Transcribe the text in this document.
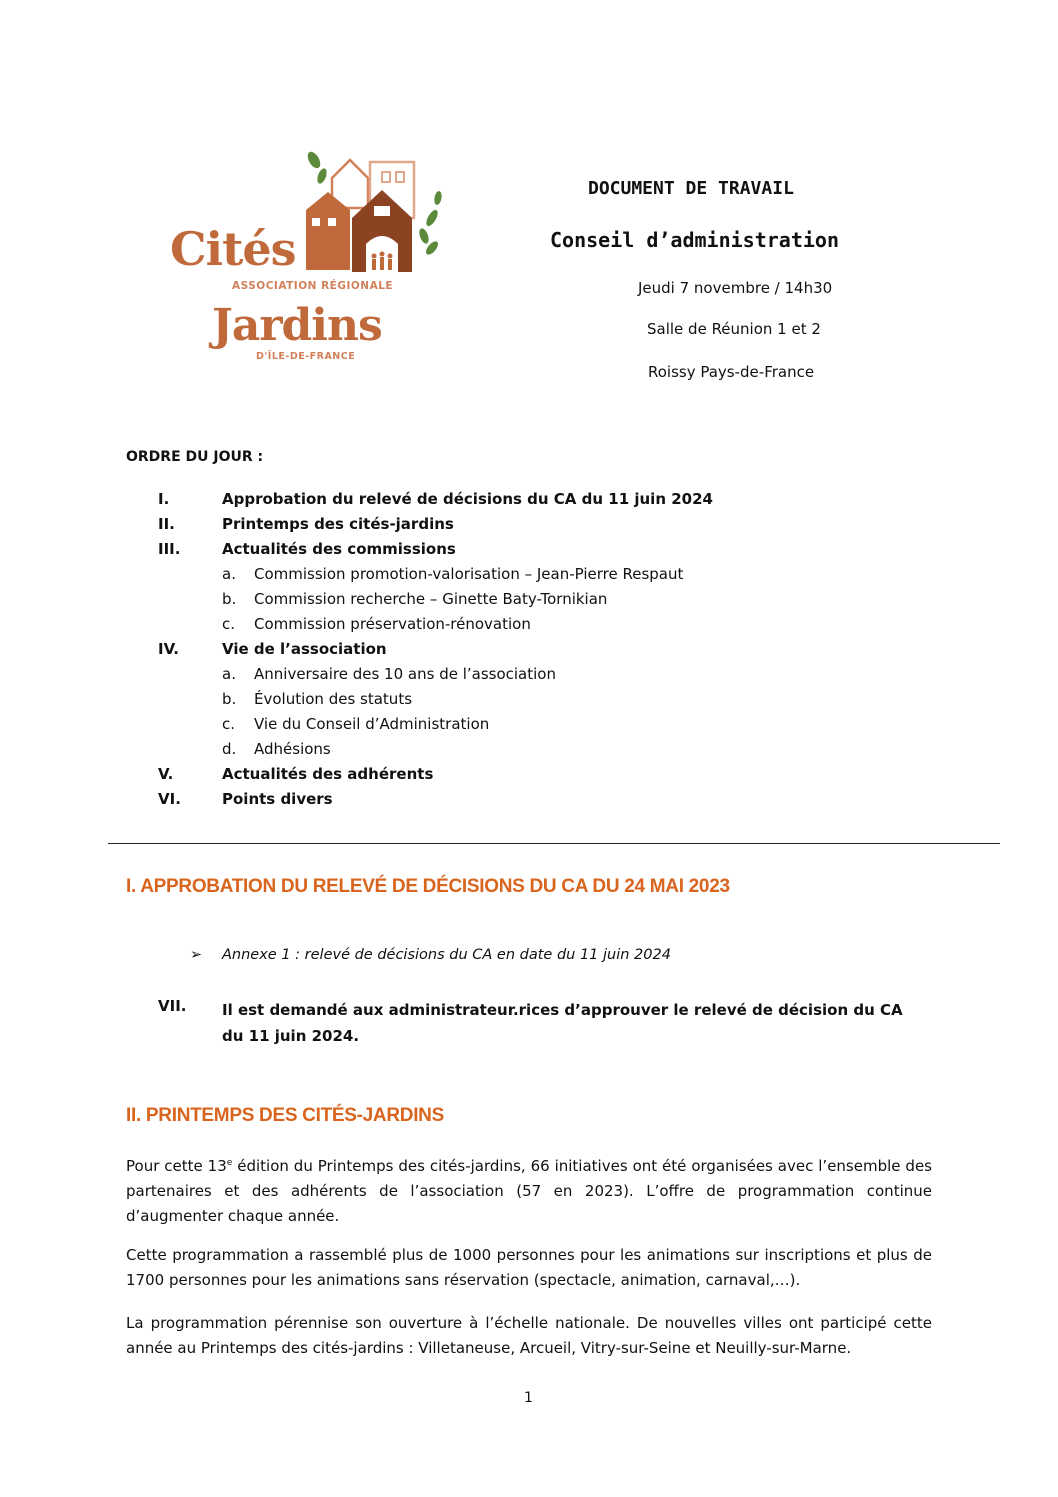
Cités
ASSOCIATION RÉGIONALE
Jardins
D'ÎLE-DE-FRANCE
DOCUMENT DE TRAVAIL
Conseil d’administration
Jeudi 7 novembre / 14h30
Salle de Réunion 1 et 2
Roissy Pays-de-France
ORDRE DU JOUR :
I.	Approbation du relevé de décisions du CA du 11 juin 2024
II.	Printemps des cités-jardins
III.	Actualités des commissions
a. Commission promotion-valorisation – Jean-Pierre Respaut
b. Commission recherche – Ginette Baty-Tornikian
c. Commission préservation-rénovation
IV.	Vie de l’association
a. Anniversaire des 10 ans de l’association
b. Évolution des statuts
c. Vie du Conseil d’Administration
d. Adhésions
V.	Actualités des adhérents
VI.	Points divers
I. APPROBATION DU RELEVÉ DE DÉCISIONS DU CA DU 24 MAI 2023
➢ Annexe 1 : relevé de décisions du CA en date du 11 juin 2024
VII. Il est demandé aux administrateur.rices d’approuver le relevé de décision du CA du 11 juin 2024.
II. PRINTEMPS DES CITÉS-JARDINS
Pour cette 13e édition du Printemps des cités-jardins, 66 initiatives ont été organisées avec l’ensemble des partenaires et des adhérents de l’association (57 en 2023). L’offre de programmation continue d’augmenter chaque année.
Cette programmation a rassemblé plus de 1000 personnes pour les animations sur inscriptions et plus de 1700 personnes pour les animations sans réservation (spectacle, animation, carnaval,…).
La programmation pérennise son ouverture à l’échelle nationale. De nouvelles villes ont participé cette année au Printemps des cités-jardins : Villetaneuse, Arcueil, Vitry-sur-Seine et Neuilly-sur-Marne.
1
